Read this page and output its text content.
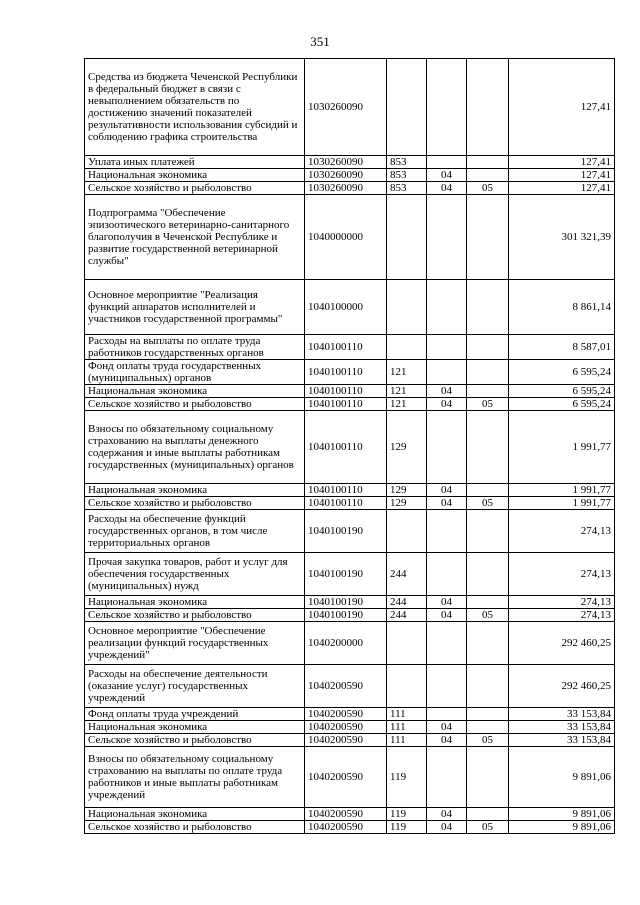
351
Средства из бюджета Чеченской Республики в федеральный бюджет в связи с невыполнением обязательств по достижению значений показателей результативности использования субсидий и соблюдению графика строительства	1030260090				127,41
Уплата иных платежей	1030260090	853			127,41
Национальная экономика	1030260090	853	04		127,41
Сельское хозяйство и рыболовство	1030260090	853	04	05	127,41
Подпрограмма "Обеспечение эпизоотического ветеринарно-санитарного благополучия в Чеченской Республике и развитие государственной ветеринарной службы"	1040000000				301 321,39
Основное мероприятие "Реализация функций аппаратов исполнителей и участников государственной программы"	1040100000				8 861,14
Расходы на выплаты по оплате труда работников государственных органов	1040100110				8 587,01
Фонд оплаты труда государственных (муниципальных) органов	1040100110	121			6 595,24
Национальная экономика	1040100110	121	04		6 595,24
Сельское хозяйство и рыболовство	1040100110	121	04	05	6 595,24
Взносы по обязательному социальному страхованию на выплаты денежного содержания и иные выплаты работникам государственных (муниципальных) органов	1040100110	129			1 991,77
Национальная экономика	1040100110	129	04		1 991,77
Сельское хозяйство и рыболовство	1040100110	129	04	05	1 991,77
Расходы на обеспечение функций государственных органов, в том числе территориальных органов	1040100190				274,13
Прочая закупка товаров, работ и услуг для обеспечения государственных (муниципальных) нужд	1040100190	244			274,13
Национальная экономика	1040100190	244	04		274,13
Сельское хозяйство и рыболовство	1040100190	244	04	05	274,13
Основное мероприятие "Обеспечение реализации функций государственных учреждений"	1040200000				292 460,25
Расходы на обеспечение деятельности (оказание услуг) государственных учреждений	1040200590				292 460,25
Фонд оплаты труда учреждений	1040200590	111			33 153,84
Национальная экономика	1040200590	111	04		33 153,84
Сельское хозяйство и рыболовство	1040200590	111	04	05	33 153,84
Взносы по обязательному социальному страхованию на выплаты по оплате труда работников и иные выплаты работникам учреждений	1040200590	119			9 891,06
Национальная экономика	1040200590	119	04		9 891,06
Сельское хозяйство и рыболовство	1040200590	119	04	05	9 891,06
